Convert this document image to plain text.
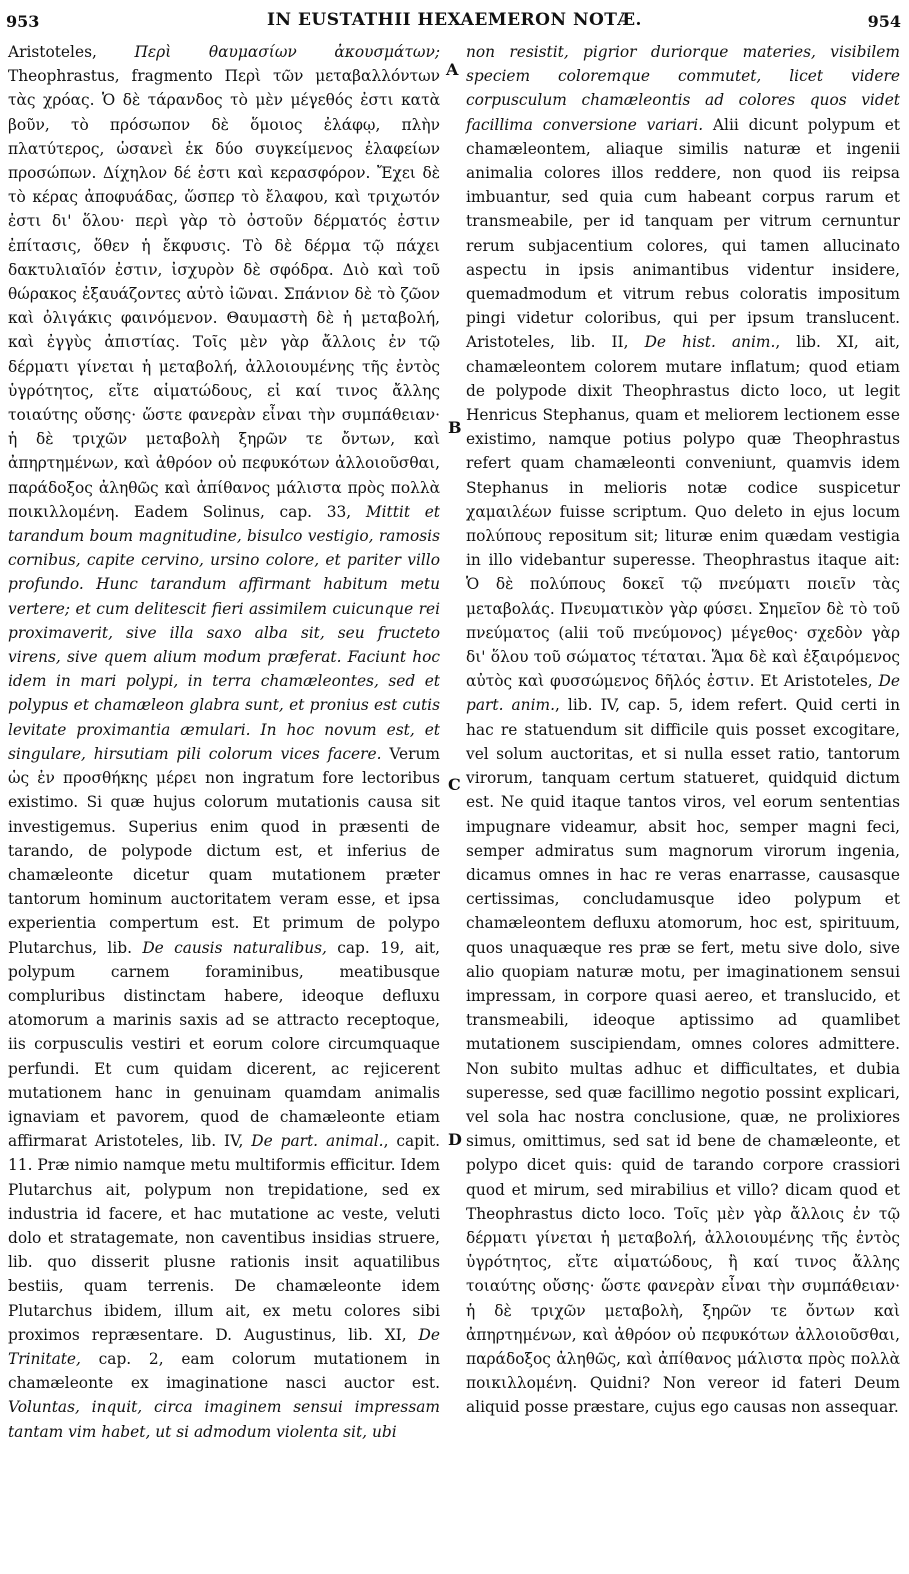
953	IN EUSTATHII HEXAEMERON NOTÆ.	954

Aristoteles, Περὶ θαυμασίων ἀκουσμάτων; Theophrastus, fragmento Περὶ τῶν μεταβαλλόντων τὰς χρόας. Ὁ δὲ τάρανδος τὸ μὲν μέγεθός ἐστι κατὰ βοῦν, τὸ πρόσωπον δὲ ὅμοιος ἐλάφῳ, πλὴν πλατύτερος, ὡσανεὶ ἐκ δύο συγκείμενος ἐλαφείων προσώπων. Δίχηλον δέ ἐστι καὶ κερασφόρον. Ἔχει δὲ τὸ κέρας ἀποφυάδας, ὥσπερ τὸ ἔλαφου, καὶ τριχωτόν ἐστι δι' ὅλου· περὶ γὰρ τὸ ὀστοῦν δέρματός ἐστιν ἐπίτασις, ὅθεν ἡ ἔκφυσις. Τὸ δὲ δέρμα τῷ πάχει δακτυλιαῖόν ἐστιν, ἰσχυρὸν δὲ σφόδρα. Διὸ καὶ τοῦ θώρακος ἐξαυάζοντες αὐτὸ ἰῶναι. Σπάνιον δὲ τὸ ζῶον καὶ ὀλιγάκις φαινόμενον. Θαυμαστὴ δὲ ἡ μεταβολή, καὶ ἐγγὺς ἀπιστίας. Τοῖς μὲν γὰρ ἄλλοις ἐν τῷ δέρματι γίνεται ἡ μεταβολή, ἀλλοιουμένης τῆς ἐντὸς ὑγρότητος, εἴτε αἱματώδους, εἰ καί τινος ἄλλης τοιαύτης οὔσης· ὥστε φανερὰν εἶναι τὴν συμπάθειαν· ἡ δὲ τριχῶν μεταβολὴ ξηρῶν τε ὄντων, καὶ ἀπηρτημένων, καὶ ἀθρόον οὐ πεφυκότων ἀλλοιοῦσθαι, παράδοξος ἀληθῶς καὶ ἀπίθανος μάλιστα πρὸς πολλὰ ποικιλλομένη. Eadem Solinus, cap. 33, Mittit et tarandum boum magnitudine, bisulco vestigio, ramosis cornibus, capite cervino, ursino colore, et pariter villo profundo. Hunc tarandum affirmant habitum metu vertere; et cum delitescit fieri assimilem cuicunque rei proximaverit, sive illa saxo alba sit, seu fructeto virens, sive quem alium modum præferat. Faciunt hoc idem in mari polypi, in terra chamæleontes, sed et polypus et chamæleon glabra sunt, et pronius est cutis levitate proximantia æmulari. In hoc novum est, et singulare, hirsutiam pili colorum vices facere. Verum ὡς ἐν προσθήκης μέρει non ingratum fore lectoribus existimo. Si quæ hujus colorum mutationis causa sit investigemus. Superius enim quod in præsenti de tarando, de polypode dictum est, et inferius de chamæleonte dicetur quam mutationem præter tantorum hominum auctoritatem veram esse, et ipsa experientia compertum est. Et primum de polypo Plutarchus, lib. De causis naturalibus, cap. 19, ait, polypum carnem foraminibus, meatibusque compluribus distinctam habere, ideoque defluxu atomorum a marinis saxis ad se attracto receptoque, iis corpusculis vestiri et eorum colore circumquaque perfundi. Et cum quidam dicerent, ac rejicerent mutationem hanc in genuinam quamdam animalis ignaviam et pavorem, quod de chamæleonte etiam affirmarat Aristoteles, lib. IV, De part. animal., capit. 11. Præ nimio namque metu multiformis efficitur. Idem Plutarchus ait, polypum non trepidatione, sed ex industria id facere, et hac mutatione ac veste, veluti dolo et stratagemate, non caventibus insidias struere, lib. quo disserit plusne rationis insit aquatilibus bestiis, quam terrenis. De chamæleonte idem Plutarchus ibidem, illum ait, ex metu colores sibi proximos repræsentare. D. Augustinus, lib. XI, De Trinitate, cap. 2, eam colorum mutationem in chamæleonte ex imaginatione nasci auctor est. Voluntas, inquit, circa imaginem sensui impressam tantam vim habet, ut si admodum violenta sit, ubi

non resistit, pigrior duriorque materies, visibilem speciem coloremque commutet, licet videre corpusculum chamæleontis ad colores quos videt facillima conversione variari. Alii dicunt polypum et chamæleontem, aliaque similis naturæ et ingenii animalia colores illos reddere, non quod iis reipsa imbuantur, sed quia cum habeant corpus rarum et transmeabile, per id tanquam per vitrum cernuntur rerum subjacentium colores, qui tamen allucinato aspectu in ipsis animantibus videntur insidere, quemadmodum et vitrum rebus coloratis impositum pingi videtur coloribus, qui per ipsum translucent. Aristoteles, lib. II, De hist. anim., lib. XI, ait, chamæleontem colorem mutare inflatum; quod etiam de polypode dixit Theophrastus dicto loco, ut legit Henricus Stephanus, quam et meliorem lectionem esse existimo, namque potius polypo quæ Theophrastus refert quam chamæleonti conveniunt, quamvis idem Stephanus in melioris notæ codice suspicetur χαμαιλέων fuisse scriptum. Quo deleto in ejus locum πολύπους repositum sit; lituræ enim quædam vestigia in illo videbantur superesse. Theophrastus itaque ait: Ὁ δὲ πολύπους δοκεῖ τῷ πνεύματι ποιεῖν τὰς μεταβολάς. Πνευματικὸν γὰρ φύσει. Σημεῖον δὲ τὸ τοῦ πνεύματος (alii τοῦ πνεύμονος) μέγεθος· σχεδὸν γὰρ δι' ὅλου τοῦ σώματος τέταται. Ἅμα δὲ καὶ ἐξαιρόμενος αὐτὸς καὶ φυσσώμενος δῆλός ἐστιν. Et Aristoteles, De part. anim., lib. IV, cap. 5, idem refert. Quid certi in hac re statuendum sit difficile quis posset excogitare, vel solum auctoritas, et si nulla esset ratio, tantorum virorum, tanquam certum statueret, quidquid dictum est. Ne quid itaque tantos viros, vel eorum sententias impugnare videamur, absit hoc, semper magni feci, semper admiratus sum magnorum virorum ingenia, dicamus omnes in hac re veras enarrasse, causasque certissimas, concludamusque ideo polypum et chamæleontem defluxu atomorum, hoc est, spirituum, quos unaquæque res præ se fert, metu sive dolo, sive alio quopiam naturæ motu, per imaginationem sensui impressam, in corpore quasi aereo, et translucido, et transmeabili, ideoque aptissimo ad quamlibet mutationem suscipiendam, omnes colores admittere. Non subito multas adhuc et difficultates, et dubia superesse, sed quæ facillimo negotio possint explicari, vel sola hac nostra conclusione, quæ, ne prolixiores simus, omittimus, sed sat id bene de chamæleonte, et polypo dicet quis: quid de tarando corpore crassiori quod et mirum, sed mirabilius et villo? dicam quod et Theophrastus dicto loco. Τοῖς μὲν γὰρ ἄλλοις ἐν τῷ δέρματι γίνεται ἡ μεταβολή, ἀλλοιουμένης τῆς ἐντὸς ὑγρότητος, εἴτε αἱματώδους, ἢ καί τινος ἄλλης τοιαύτης οὔσης· ὥστε φανερὰν εἶναι τὴν συμπάθειαν· ἡ δὲ τριχῶν μεταβολὴ, ξηρῶν τε ὄντων καὶ ἀπηρτημένων, καὶ ἀθρόον οὐ πεφυκότων ἀλλοιοῦσθαι, παράδοξος ἀληθῶς, καὶ ἀπίθανος μάλιστα πρὸς πολλὰ ποικιλλομένη. Quidni? Non vereor id fateri Deum aliquid posse præstare, cujus ego causas non assequar.

A
B
C
D
